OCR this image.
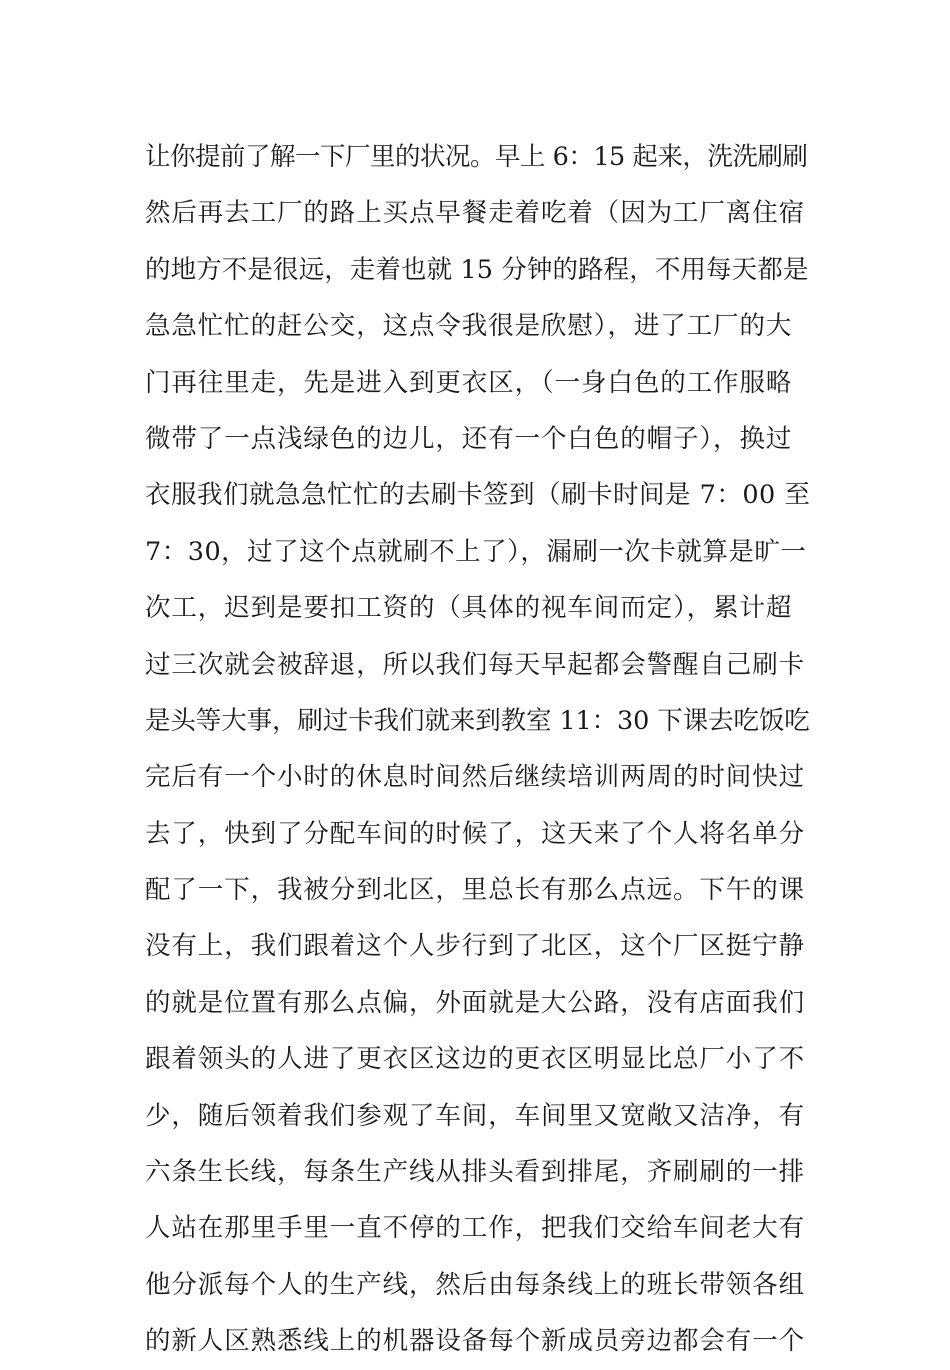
让你提前了解一下厂里的状况。早上 6：15 起来，洗洗刷刷
然后再去工厂的路上买点早餐走着吃着（因为工厂离住宿
的地方不是很远，走着也就 15 分钟的路程，不用每天都是
急急忙忙的赶公交，这点令我很是欣慰），进了工厂的大
门再往里走，先是进入到更衣区，（一身白色的工作服略
微带了一点浅绿色的边儿，还有一个白色的帽子），换过
衣服我们就急急忙忙的去刷卡签到（刷卡时间是 7：00 至
7：30，过了这个点就刷不上了），漏刷一次卡就算是旷一
次工，迟到是要扣工资的（具体的视车间而定），累计超
过三次就会被辞退，所以我们每天早起都会警醒自己刷卡
是头等大事，刷过卡我们就来到教室 11：30 下课去吃饭吃
完后有一个小时的休息时间然后继续培训两周的时间快过
去了，快到了分配车间的时候了，这天来了个人将名单分
配了一下，我被分到北区，里总长有那么点远。下午的课
没有上，我们跟着这个人步行到了北区，这个厂区挺宁静
的就是位置有那么点偏，外面就是大公路，没有店面我们
跟着领头的人进了更衣区这边的更衣区明显比总厂小了不
少，随后领着我们参观了车间，车间里又宽敞又洁净，有
六条生长线，每条生产线从排头看到排尾，齐刷刷的一排
人站在那里手里一直不停的工作，把我们交给车间老大有
他分派每个人的生产线，然后由每条线上的班长带领各组
的新人区熟悉线上的机器设备每个新成员旁边都会有一个
